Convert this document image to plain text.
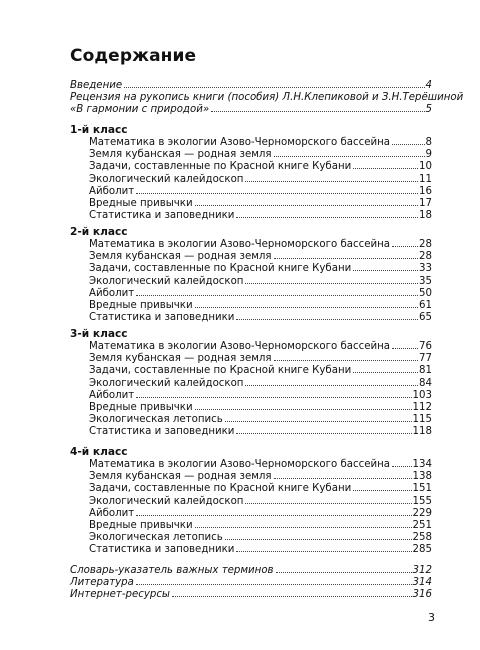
Содержание
Введение	4
Рецензия на рукопись книги (пособия) Л.Н.Клепиковой и З.Н.Терёшиной
«В гармонии с природой»	5
1-й класс
Математика в экологии Азово-Черноморского бассейна	8
Земля кубанская — родная земля	9
Задачи, составленные по Красной книге Кубани	10
Экологический калейдоскоп	11
Айболит	16
Вредные привычки	17
Статистика и заповедники	18
2-й класс
Математика в экологии Азово-Черноморского бассейна	28
Земля кубанская — родная земля	28
Задачи, составленные по Красной книге Кубани	33
Экологический калейдоскоп	35
Айболит	50
Вредные привычки	61
Статистика и заповедники	65
3-й класс
Математика в экологии Азово-Черноморского бассейна	76
Земля кубанская — родная земля	77
Задачи, составленные по Красной книге Кубани	81
Экологический калейдоскоп	84
Айболит	103
Вредные привычки	112
Экологическая летопись	115
Статистика и заповедники	118
4-й класс
Математика в экологии Азово-Черноморского бассейна 134
Земля кубанская — родная земля	138
Задачи, составленные по Красной книге Кубани	151
Экологический калейдоскоп	155
Айболит	229
Вредные привычки	251
Экологическая летопись	258
Статистика и заповедники	285
Словарь-указатель важных терминов	312
Литература	314
Интернет-ресурсы	316
3
